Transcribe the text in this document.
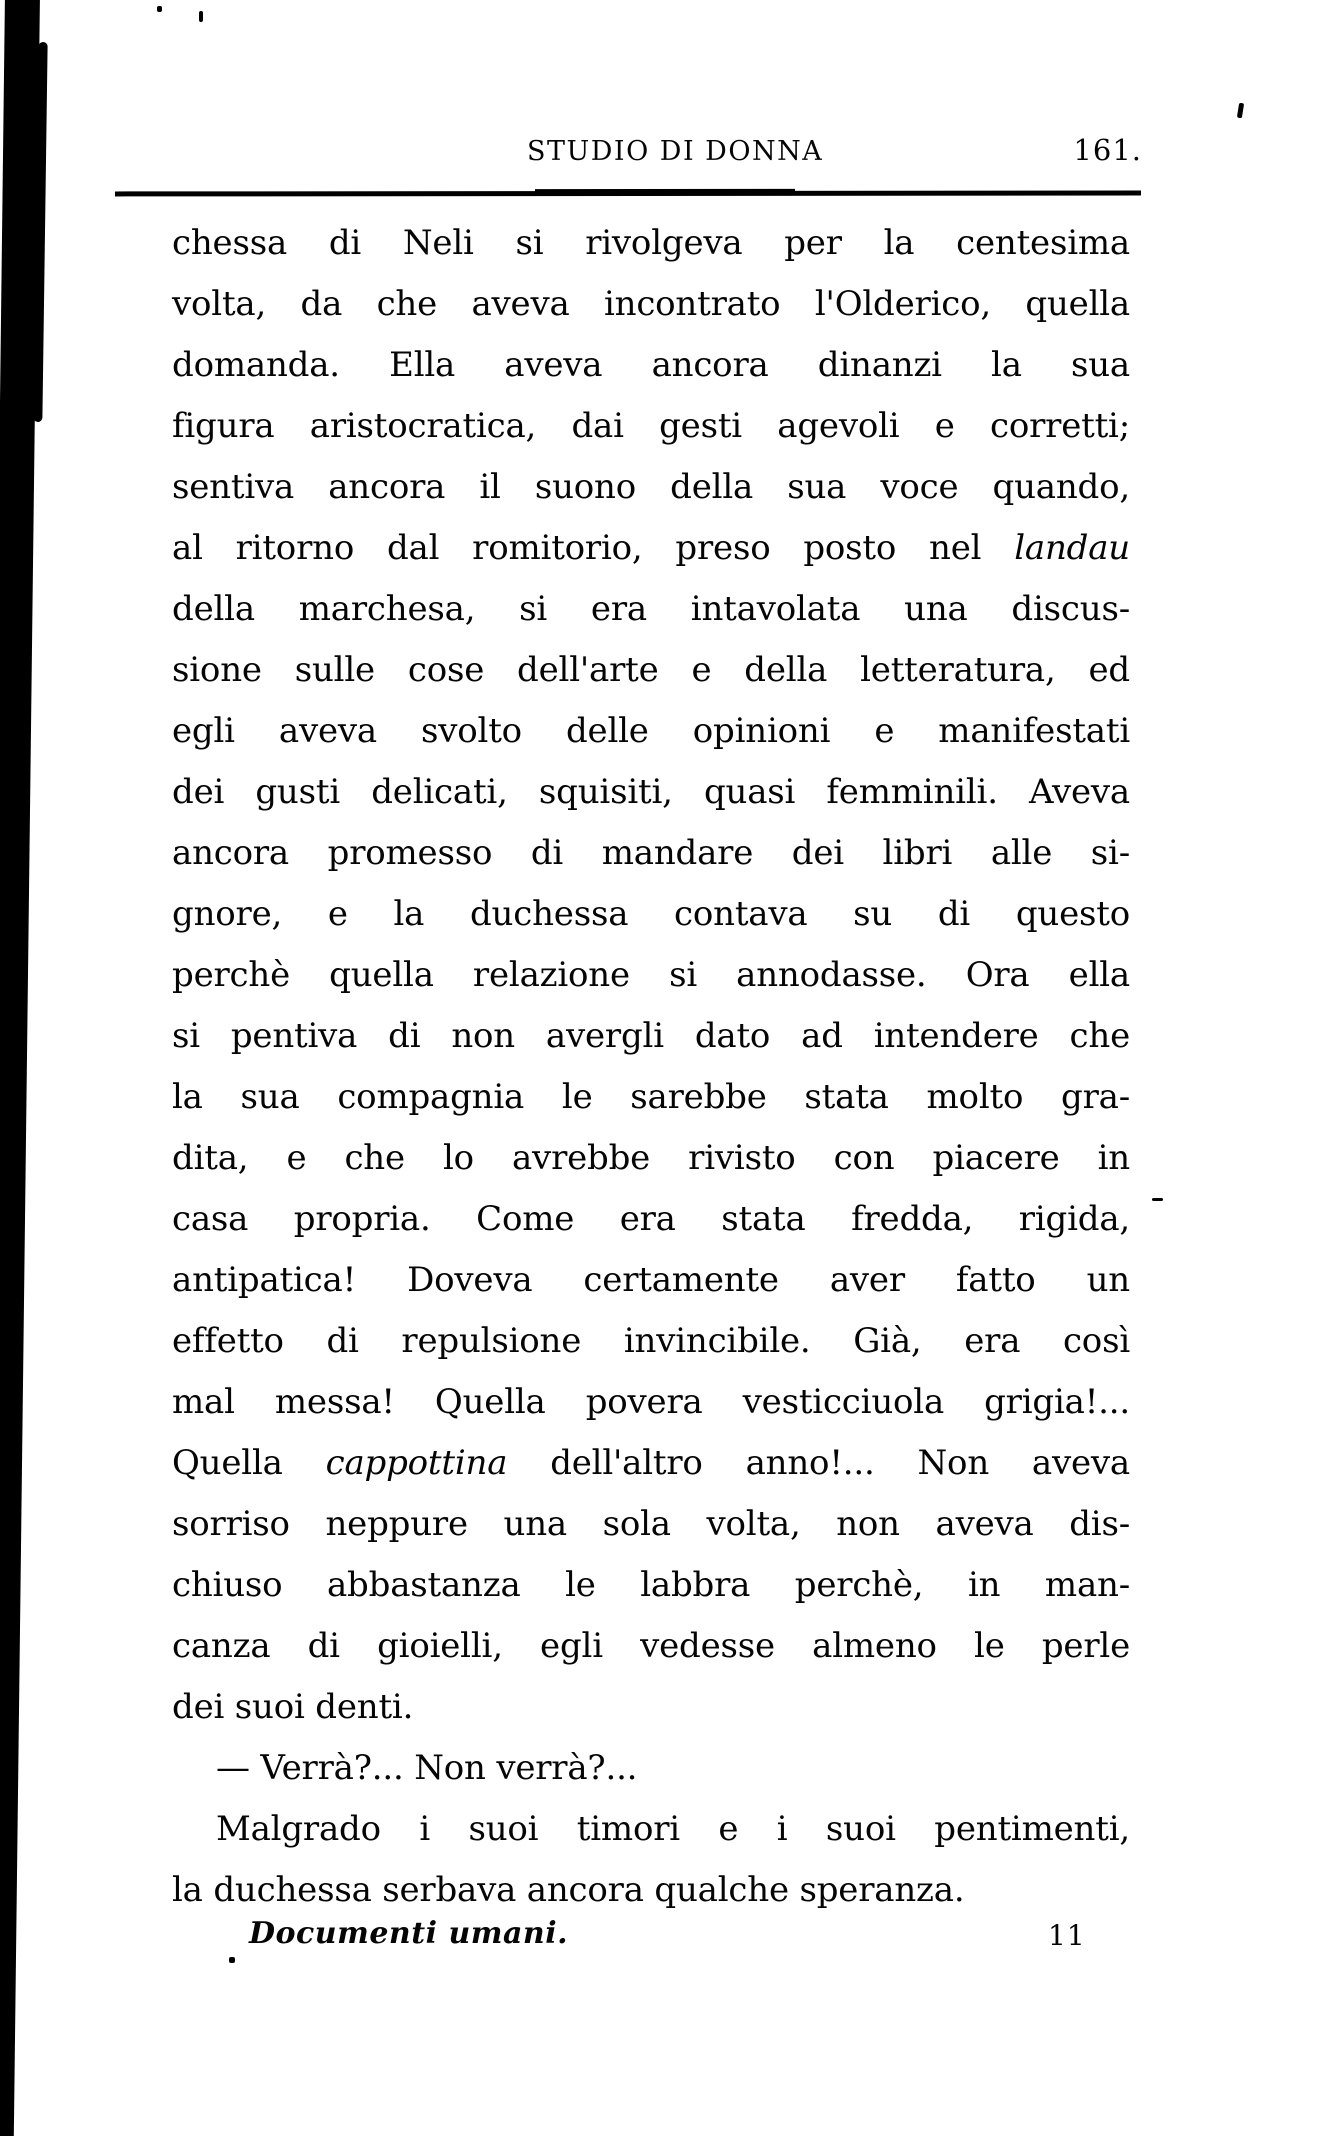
STUDIO DI DONNA	161.
chessa di Neli si rivolgeva per la centesima
volta, da che aveva incontrato l'Olderico, quella
domanda. Ella aveva ancora dinanzi la sua
figura aristocratica, dai gesti agevoli e corretti;
sentiva ancora il suono della sua voce quando,
al ritorno dal romitorio, preso posto nel landau
della marchesa, si era intavolata una discus-
sione sulle cose dell'arte e della letteratura, ed
egli aveva svolto delle opinioni e manifestati
dei gusti delicati, squisiti, quasi femminili. Aveva
ancora promesso di mandare dei libri alle si-
gnore, e la duchessa contava su di questo
perchè quella relazione si annodasse. Ora ella
si pentiva di non avergli dato ad intendere che
la sua compagnia le sarebbe stata molto gra-
dita, e che lo avrebbe rivisto con piacere in
casa propria. Come era stata fredda, rigida,
antipatica! Doveva certamente aver fatto un
effetto di repulsione invincibile. Già, era così
mal messa! Quella povera vesticciuola grigia!...
Quella cappottina dell'altro anno!... Non aveva
sorriso neppure una sola volta, non aveva dis-
chiuso abbastanza le labbra perchè, in man-
canza di gioielli, egli vedesse almeno le perle
dei suoi denti.
— Verrà?... Non verrà?...
Malgrado i suoi timori e i suoi pentimenti,
la duchessa serbava ancora qualche speranza.
Documenti umani.	11
